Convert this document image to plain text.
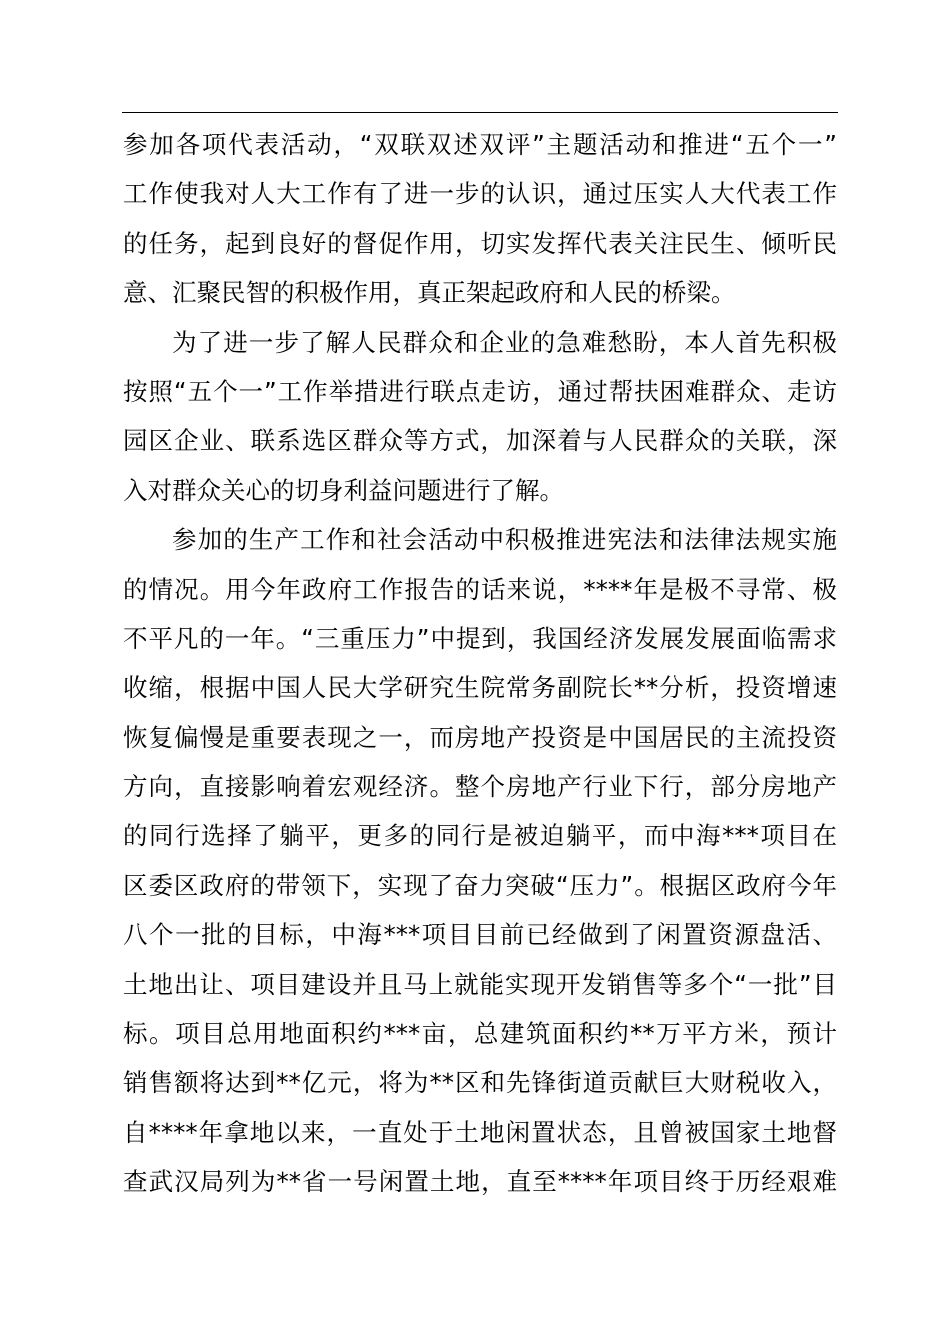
参加各项代表活动，“双联双述双评”主题活动和推进“五个一”
工作使我对人大工作有了进一步的认识，通过压实人大代表工作
的任务，起到良好的督促作用，切实发挥代表关注民生、倾听民
意、汇聚民智的积极作用，真正架起政府和人民的桥梁。
为了进一步了解人民群众和企业的急难愁盼，本人首先积极
按照“五个一”工作举措进行联点走访，通过帮扶困难群众、走访
园区企业、联系选区群众等方式，加深着与人民群众的关联，深
入对群众关心的切身利益问题进行了解。
参加的生产工作和社会活动中积极推进宪法和法律法规实施
的情况。用今年政府工作报告的话来说，****年是极不寻常、极
不平凡的一年。“三重压力”中提到，我国经济发展发展面临需求
收缩，根据中国人民大学研究生院常务副院长**分析，投资增速
恢复偏慢是重要表现之一，而房地产投资是中国居民的主流投资
方向，直接影响着宏观经济。整个房地产行业下行，部分房地产
的同行选择了躺平，更多的同行是被迫躺平，而中海***项目在
区委区政府的带领下，实现了奋力突破“压力”。根据区政府今年
八个一批的目标，中海***项目目前已经做到了闲置资源盘活、
土地出让、项目建设并且马上就能实现开发销售等多个“一批”目
标。项目总用地面积约***亩，总建筑面积约**万平方米，预计
销售额将达到**亿元，将为**区和先锋街道贡献巨大财税收入，
自****年拿地以来，一直处于土地闲置状态，且曾被国家土地督
查武汉局列为**省一号闲置土地，直至****年项目终于历经艰难
